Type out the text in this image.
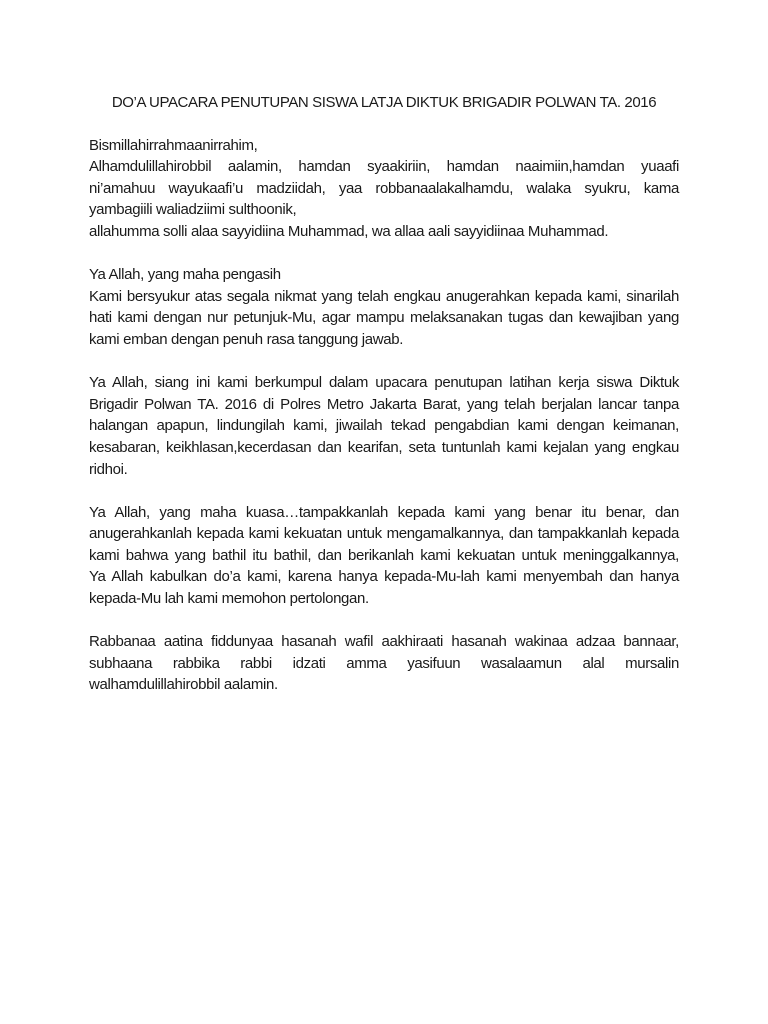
DO’A UPACARA PENUTUPAN SISWA LATJA DIKTUK BRIGADIR POLWAN TA. 2016
Bismillahirrahmaanirrahim,
Alhamdulillahirobbil aalamin, hamdan syaakiriin, hamdan naaimiin,hamdan yuaafi
ni’amahuu wayukaafi’u madziidah, yaa robbanaalakalhamdu, walaka syukru, kama
yambagiili waliadziimi sulthoonik,
allahumma solli alaa sayyidiina Muhammad, wa allaa aali sayyidiinaa Muhammad.
Ya Allah, yang maha pengasih
Kami bersyukur atas segala nikmat yang telah engkau anugerahkan kepada kami, sinarilah
hati kami dengan nur petunjuk-Mu, agar mampu melaksanakan tugas dan kewajiban yang
kami emban dengan penuh rasa tanggung jawab.
Ya Allah, siang ini kami berkumpul dalam upacara penutupan latihan kerja siswa Diktuk
Brigadir Polwan TA. 2016 di Polres Metro Jakarta Barat, yang telah berjalan lancar tanpa
halangan apapun, lindungilah kami, jiwailah tekad pengabdian kami dengan keimanan,
kesabaran, keikhlasan,kecerdasan dan kearifan, seta tuntunlah kami kejalan yang engkau
ridhoi.
Ya Allah, yang maha kuasa…tampakkanlah kepada kami yang benar itu benar, dan
anugerahkanlah kepada kami kekuatan untuk mengamalkannya, dan tampakkanlah kepada
kami bahwa yang bathil itu bathil, dan berikanlah kami kekuatan untuk meninggalkannya,
Ya Allah kabulkan do’a kami, karena hanya kepada-Mu-lah kami menyembah dan hanya
kepada-Mu lah kami memohon pertolongan.
Rabbanaa aatina fiddunyaa hasanah wafil aakhiraati hasanah wakinaa adzaa bannaar,
subhaana rabbika rabbi idzati amma yasifuun wasalaamun alal mursalin
walhamdulillahirobbil aalamin.
